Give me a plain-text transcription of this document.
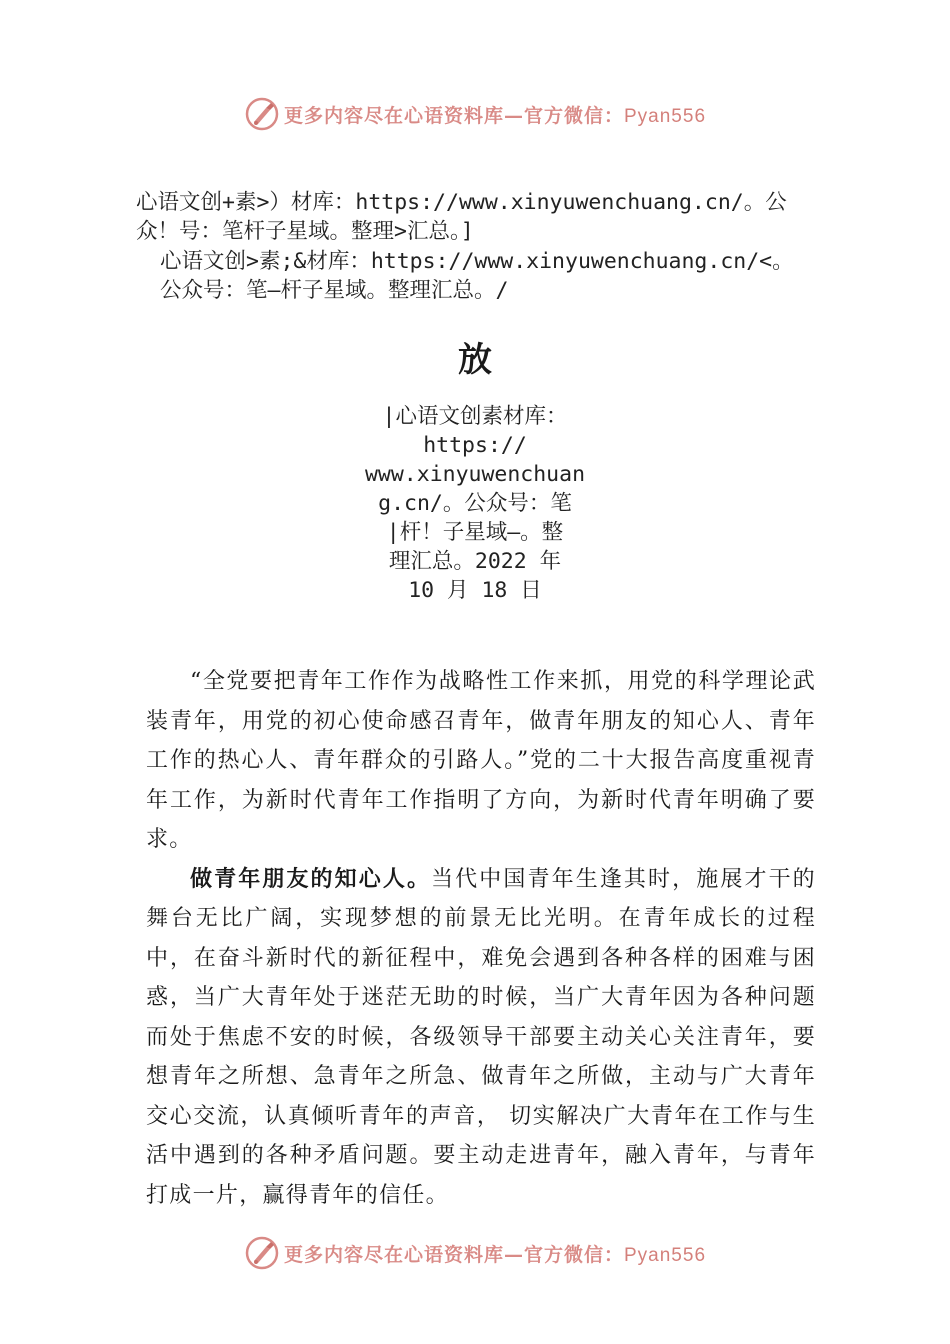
更多内容尽在心语资料库—官方微信：Pyan556
心语文创+素>）材库：https://www.xinyuwenchuang.cn/。公
众！号：笔杆子星域。整理>汇总。]
心语文创>素;&材库：https://www.xinyuwenchuang.cn/<。
公众号：笔—杆子星域。整理汇总。/
放
|心语文创素材库：
https://
www.xinyuwenchuan
g.cn/。公众号：笔
|杆！子星域—。整
理汇总。2022 年
10 月 18 日

“全党要把青年工作作为战略性工作来抓，用党的科学理论武装青年，用党的初心使命感召青年，做青年朋友的知心人、青年工作的热心人、青年群众的引路人。”党的二十大报告高度重视青年工作，为新时代青年工作指明了方向，为新时代青年明确了要求。

做青年朋友的知心人。当代中国青年生逢其时，施展才干的舞台无比广阔，实现梦想的前景无比光明。在青年成长的过程中，在奋斗新时代的新征程中，难免会遇到各种各样的困难与困惑，当广大青年处于迷茫无助的时候，当广大青年因为各种问题而处于焦虑不安的时候，各级领导干部要主动关心关注青年，要想青年之所想、急青年之所急、做青年之所做，主动与广大青年交心交流，认真倾听青年的声音， 切实解决广大青年在工作与生活中遇到的各种矛盾问题。要主动走进青年，融入青年，与青年打成一片，赢得青年的信任。

更多内容尽在心语资料库—官方微信：Pyan556
